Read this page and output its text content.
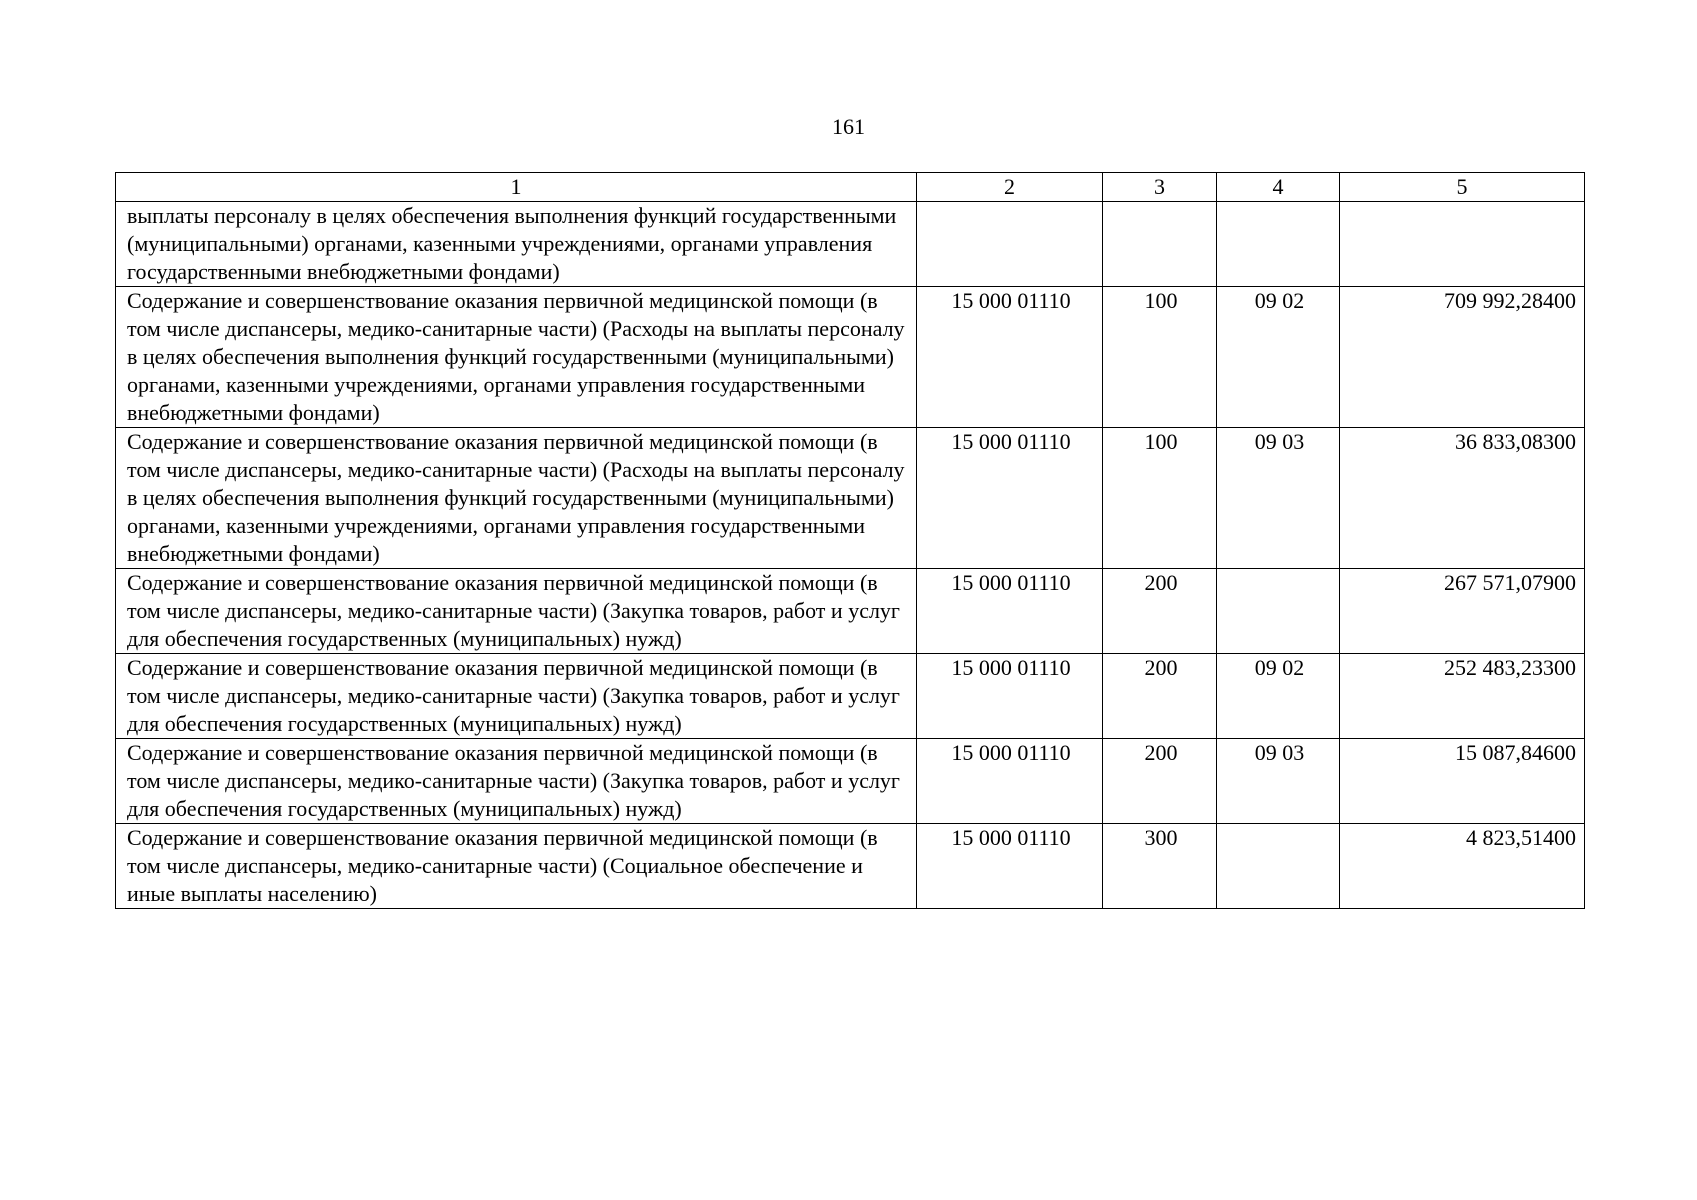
161
1	2	3	4	5
выплаты персоналу в целях обеспечения выполнения функций государственными (муниципальными) органами, казенными учреждениями, органами управления государственными внебюджетными фондами)				
Содержание и совершенствование оказания первичной медицинской помощи (в том числе диспансеры, медико-санитарные части) (Расходы на выплаты персоналу в целях обеспечения выполнения функций государственными (муниципальными) органами, казенными учреждениями, органами управления государственными внебюджетными фондами)	15 000 01110	100	09 02	709 992,28400
Содержание и совершенствование оказания первичной медицинской помощи (в том числе диспансеры, медико-санитарные части) (Расходы на выплаты персоналу в целях обеспечения выполнения функций государственными (муниципальными) органами, казенными учреждениями, органами управления государственными внебюджетными фондами)	15 000 01110	100	09 03	36 833,08300
Содержание и совершенствование оказания первичной медицинской помощи (в том числе диспансеры, медико-санитарные части) (Закупка товаров, работ и услуг для обеспечения государственных (муниципальных) нужд)	15 000 01110	200		267 571,07900
Содержание и совершенствование оказания первичной медицинской помощи (в том числе диспансеры, медико-санитарные части) (Закупка товаров, работ и услуг для обеспечения государственных (муниципальных) нужд)	15 000 01110	200	09 02	252 483,23300
Содержание и совершенствование оказания первичной медицинской помощи (в том числе диспансеры, медико-санитарные части) (Закупка товаров, работ и услуг для обеспечения государственных (муниципальных) нужд)	15 000 01110	200	09 03	15 087,84600
Содержание и совершенствование оказания первичной медицинской помощи (в том числе диспансеры, медико-санитарные части) (Социальное обеспечение и иные выплаты населению)	15 000 01110	300		4 823,51400
